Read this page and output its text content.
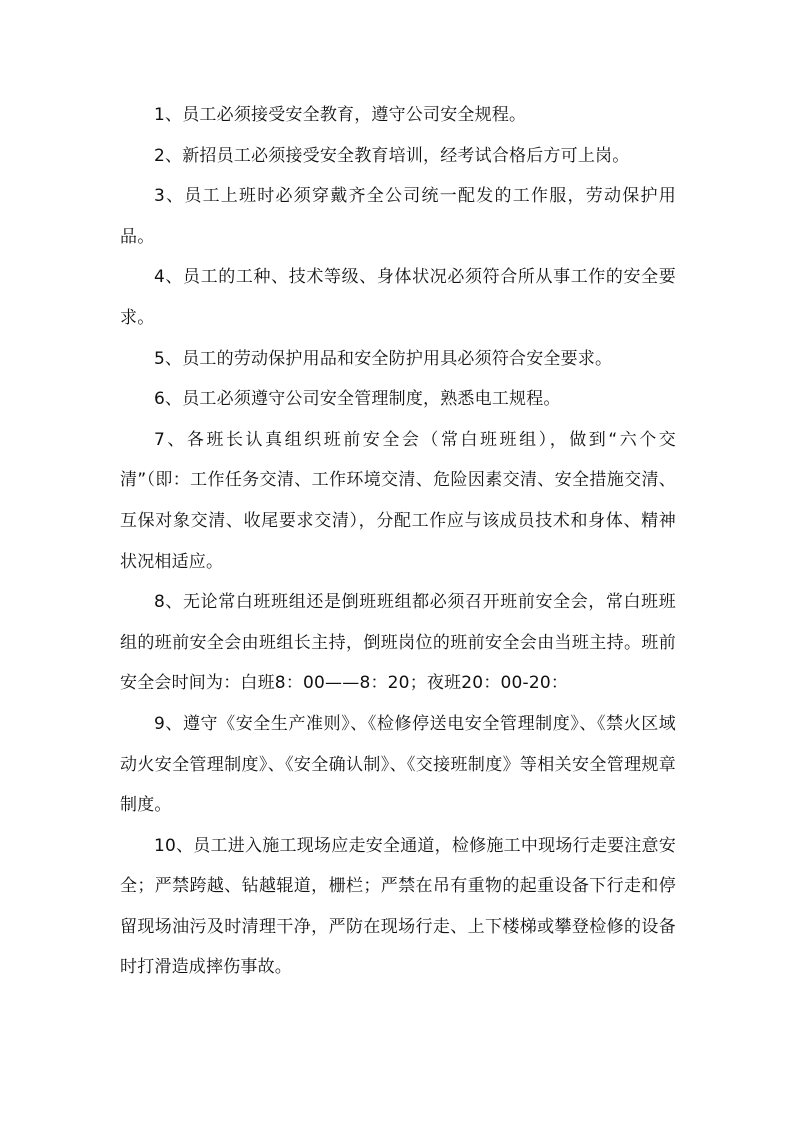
1、员工必须接受安全教育，遵守公司安全规程。

2、新招员工必须接受安全教育培训，经考试合格后方可上岗。

3、员工上班时必须穿戴齐全公司统一配发的工作服，劳动保护用品。

4、员工的工种、技术等级、身体状况必须符合所从事工作的安全要求。

5、员工的劳动保护用品和安全防护用具必须符合安全要求。

6、员工必须遵守公司安全管理制度，熟悉电工规程。

7、各班长认真组织班前安全会（常白班班组），做到“六个交清”（即：工作任务交清、工作环境交清、危险因素交清、安全措施交清、互保对象交清、收尾要求交清），分配工作应与该成员技术和身体、精神状况相适应。

8、无论常白班班组还是倒班班组都必须召开班前安全会，常白班班组的班前安全会由班组长主持，倒班岗位的班前安全会由当班主持。班前安全会时间为：白班8：00——8：20；夜班20：00-20：

9、遵守《安全生产准则》、《检修停送电安全管理制度》、《禁火区域动火安全管理制度》、《安全确认制》、《交接班制度》等相关安全管理规章制度。

10、员工进入施工现场应走安全通道，检修施工中现场行走要注意安全；严禁跨越、钻越辊道，栅栏；严禁在吊有重物的起重设备下行走和停留现场油污及时清理干净，严防在现场行走、上下楼梯或攀登检修的设备时打滑造成摔伤事故。
